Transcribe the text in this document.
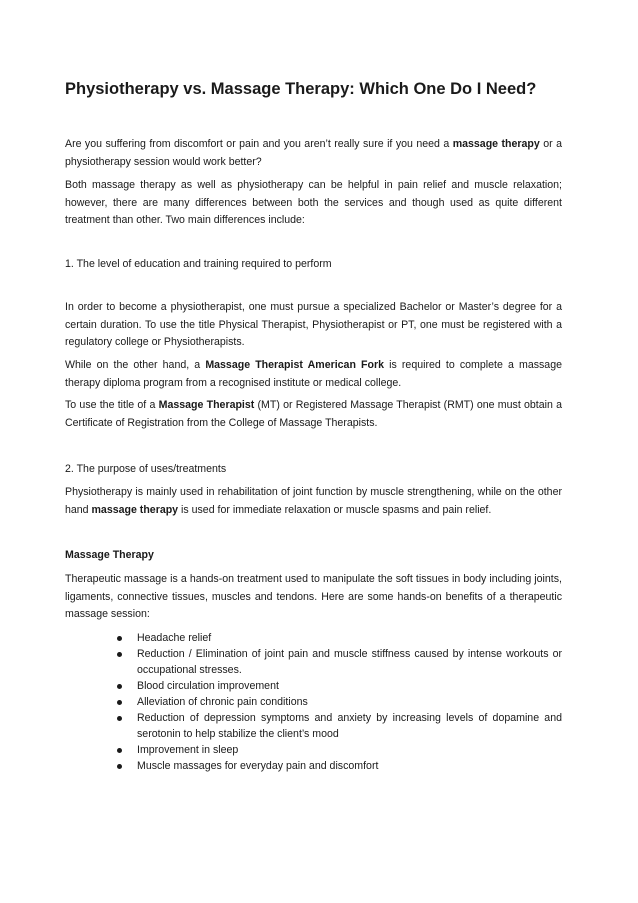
Physiotherapy vs. Massage Therapy: Which One Do I Need?

Are you suffering from discomfort or pain and you aren’t really sure if you need a massage therapy or a physiotherapy session would work better?

Both massage therapy as well as physiotherapy can be helpful in pain relief and muscle relaxation; however, there are many differences between both the services and though used as quite different treatment than other. Two main differences include:

1. The level of education and training required to perform

In order to become a physiotherapist, one must pursue a specialized Bachelor or Master’s degree for a certain duration. To use the title Physical Therapist, Physiotherapist or PT, one must be registered with a regulatory college or Physiotherapists.

While on the other hand, a Massage Therapist American Fork is required to complete a massage therapy diploma program from a recognised institute or medical college.

To use the title of a Massage Therapist (MT) or Registered Massage Therapist (RMT) one must obtain a Certificate of Registration from the College of Massage Therapists.

2. The purpose of uses/treatments

Physiotherapy is mainly used in rehabilitation of joint function by muscle strengthening, while on the other hand massage therapy is used for immediate relaxation or muscle spasms and pain relief.

Massage Therapy

Therapeutic massage is a hands-on treatment used to manipulate the soft tissues in body including joints, ligaments, connective tissues, muscles and tendons. Here are some hands-on benefits of a therapeutic massage session:

Headache relief
Reduction / Elimination of joint pain and muscle stiffness caused by intense workouts or occupational stresses.
Blood circulation improvement
Alleviation of chronic pain conditions
Reduction of depression symptoms and anxiety by increasing levels of dopamine and serotonin to help stabilize the client’s mood
Improvement in sleep
Muscle massages for everyday pain and discomfort
